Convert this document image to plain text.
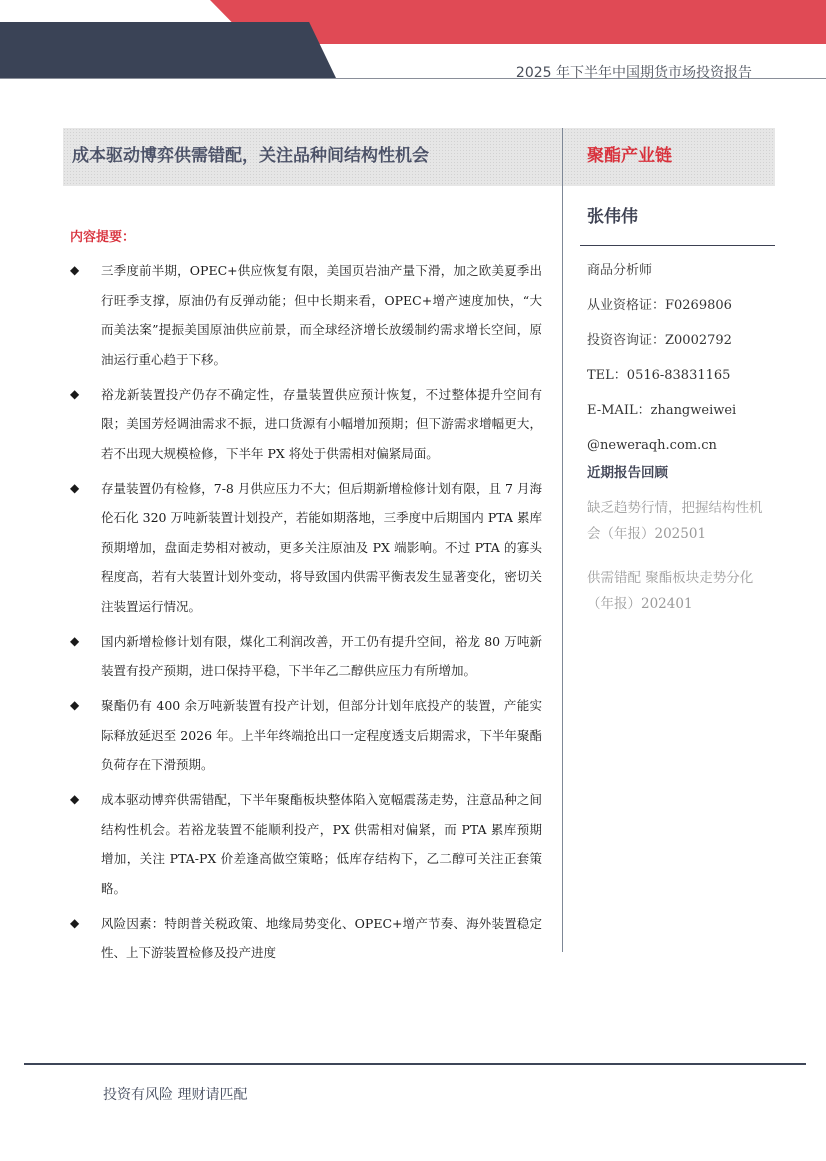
2025 年下半年中国期货市场投资报告
成本驱动博弈供需错配，关注品种间结构性机会	聚酯产业链
内容提要：
◆ 三季度前半期，OPEC+供应恢复有限，美国页岩油产量下滑，加之欧美夏季出行旺季支撑，原油仍有反弹动能；但中长期来看，OPEC+增产速度加快，“大而美法案”提振美国原油供应前景，而全球经济增长放缓制约需求增长空间，原油运行重心趋于下移。
◆ 裕龙新装置投产仍存不确定性，存量装置供应预计恢复，不过整体提升空间有限；美国芳烃调油需求不振，进口货源有小幅增加预期；但下游需求增幅更大，若不出现大规模检修，下半年 PX 将处于供需相对偏紧局面。
◆ 存量装置仍有检修，7-8 月供应压力不大；但后期新增检修计划有限，且 7 月海伦石化 320 万吨新装置计划投产，若能如期落地，三季度中后期国内 PTA 累库预期增加，盘面走势相对被动，更多关注原油及 PX 端影响。不过 PTA 的寡头程度高，若有大装置计划外变动，将导致国内供需平衡表发生显著变化，密切关注装置运行情况。
◆ 国内新增检修计划有限，煤化工利润改善，开工仍有提升空间，裕龙 80 万吨新装置有投产预期，进口保持平稳，下半年乙二醇供应压力有所增加。
◆ 聚酯仍有 400 余万吨新装置有投产计划，但部分计划年底投产的装置，产能实际释放延迟至 2026 年。上半年终端抢出口一定程度透支后期需求，下半年聚酯负荷存在下滑预期。
◆ 成本驱动博弈供需错配，下半年聚酯板块整体陷入宽幅震荡走势，注意品种之间结构性机会。若裕龙装置不能顺利投产，PX 供需相对偏紧，而 PTA 累库预期增加，关注 PTA-PX 价差逢高做空策略；低库存结构下，乙二醇可关注正套策略。
◆ 风险因素：特朗普关税政策、地缘局势变化、OPEC+增产节奏、海外装置稳定性、上下游装置检修及投产进度
张伟伟
商品分析师
从业资格证：F0269806
投资咨询证：Z0002792
TEL：0516-83831165
E-MAIL：zhangweiwei
@neweraqh.com.cn
近期报告回顾
缺乏趋势行情，把握结构性机会（年报）202501
供需错配 聚酯板块走势分化（年报）202401
投资有风险 理财请匹配
